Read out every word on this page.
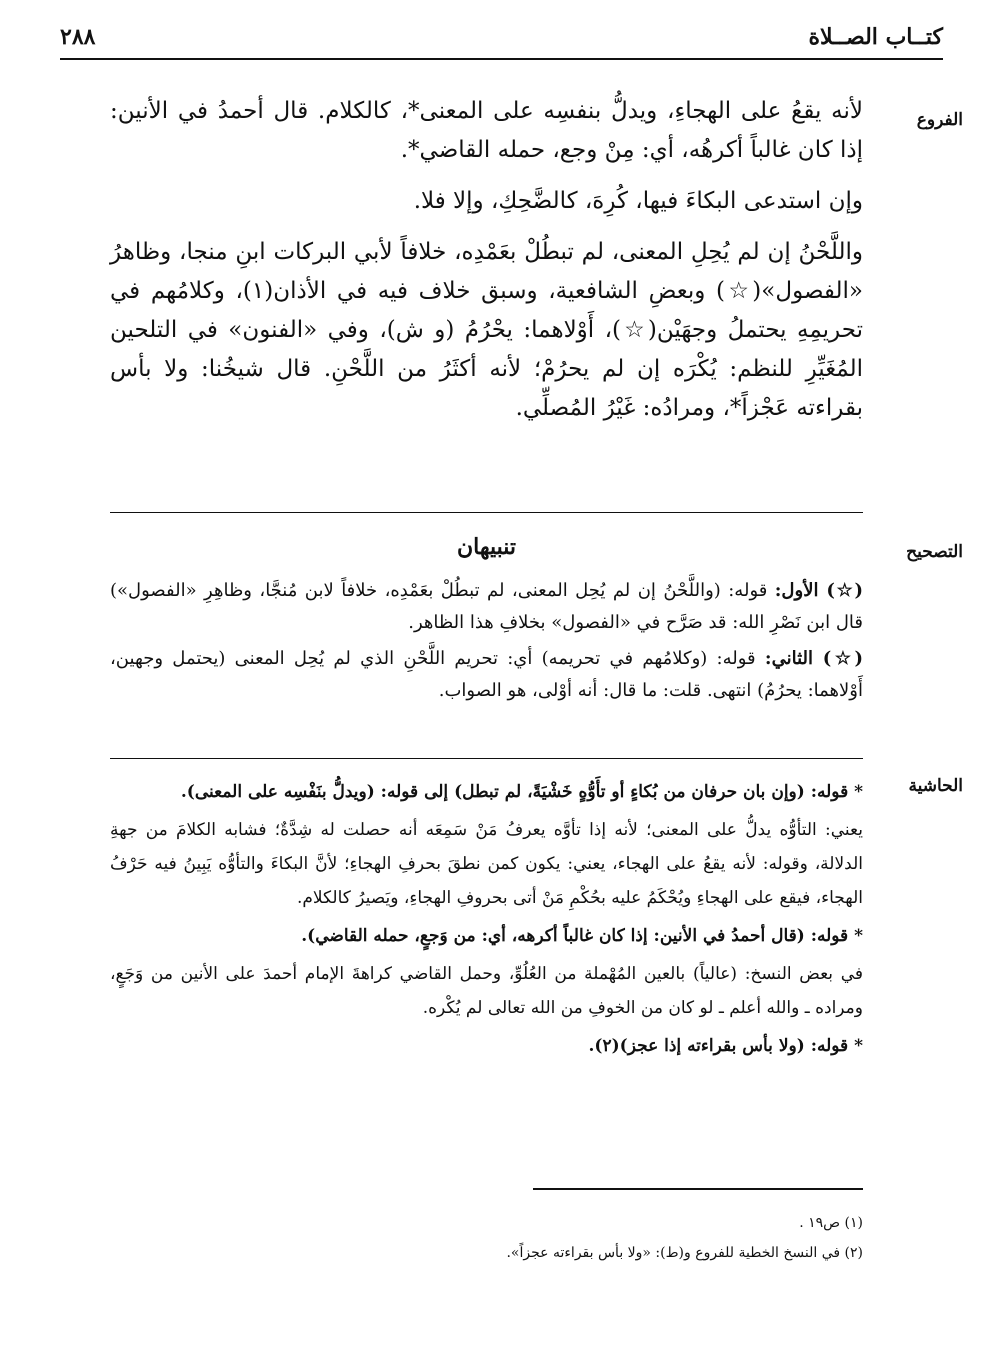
كتــاب الصــلاة
٢٨٨
الفروع

لأنه يقعُ على الهجاءِ، ويدلُّ بنفسِه على المعنى*، كالكلام. قال أحمدُ في الأنين: إذا كان غالباً أكرهُه، أي: مِنْ وجع، حمله القاضي*.

وإن استدعى البكاءَ فيها، كُرِهَ، كالضَّحِكِ، وإلا فلا.

واللَّحْنُ إن لم يُحِلِ المعنى، لم تبطُلْ بعَمْدِه، خلافاً لأبي البركات ابنِ منجا، وظاهرُ «الفصول»(☆) وبعضِ الشافعية، وسبق خلاف فيه في الأذان(١)، وكلامُهم في تحريمِهِ يحتملُ وجهَيْن(☆)، أَوْلاهما: يحْرُمُ (و ش)، وفي «الفنون» في التلحين المُغَيِّرِ للنظم: يُكْرَه إن لم يحرُمْ؛ لأنه أكثَرُ من اللَّحْنِ. قال شيخُنا: ولا بأس بقراءته عَجْزاً*، ومرادُه: غَيْرُ المُصلِّي.

التصحيح
تنبيهان

(☆) الأول: قوله: (واللَّحْنُ إن لم يُحِل المعنى، لم تبطُلْ بعَمْدِه، خلافاً لابن مُنجَّا، وظاهِرِ «الفصول») قال ابن نَصْرِ الله: قد صَرَّح في «الفصول» بخلافِ هذا الظاهر.

(☆) الثاني: قوله: (وكلامُهم في تحريمه) أي: تحريم اللَّحْنِ الذي لم يُحِل المعنى (يحتمل وجهين، أَوْلاهما: يحرُمُ) انتهى. قلت: ما قال: أنه أوْلى، هو الصواب.

الحاشية

* قوله: (وإن بان حرفان من بُكاءٍ أو تأَوُّهٍ خَشْيَةً، لم تبطل) إلى قوله: (ويدلُّ بنَفْسِه على المعنى).

يعني: التأوُّه يدلُّ على المعنى؛ لأنه إذا تأوَّه يعرفُ مَنْ سَمِعَه أنه حصلت له شِدَّةٌ؛ فشابه الكلامَ من جهةِ الدلالة، وقوله: لأنه يقعُ على الهجاء، يعني: يكون كمن نطقَ بحرفِ الهجاءِ؛ لأنَّ البكاءَ والتأوُّه يَبِينُ فيه حَرْفُ الهجاء، فيقع على الهجاءِ ويُحْكَمُ عليه بحُكْمِ مَنْ أتى بحروفِ الهجاءِ، ويَصيرُ كالكلام.

* قوله: (قال أحمدُ في الأنين: إذا كان غالباً أكرهه، أي: من وَجعٍ، حمله القاضي).

في بعض النسخ: (عالياً) بالعين المُهْملة من العُلُوِّ، وحمل القاضي كراهةَ الإمام أحمدَ على الأنين من وَجَعٍ، ومراده ـ والله أعلم ـ لو كان من الخوفِ من الله تعالى لم يُكْره.

* قوله: (ولا بأس بقراءته إذا عجز)(٢).

(١) ص١٩ .
(٢) في النسخ الخطية للفروع و(ط): «ولا بأس بقراءته عجزاً».
